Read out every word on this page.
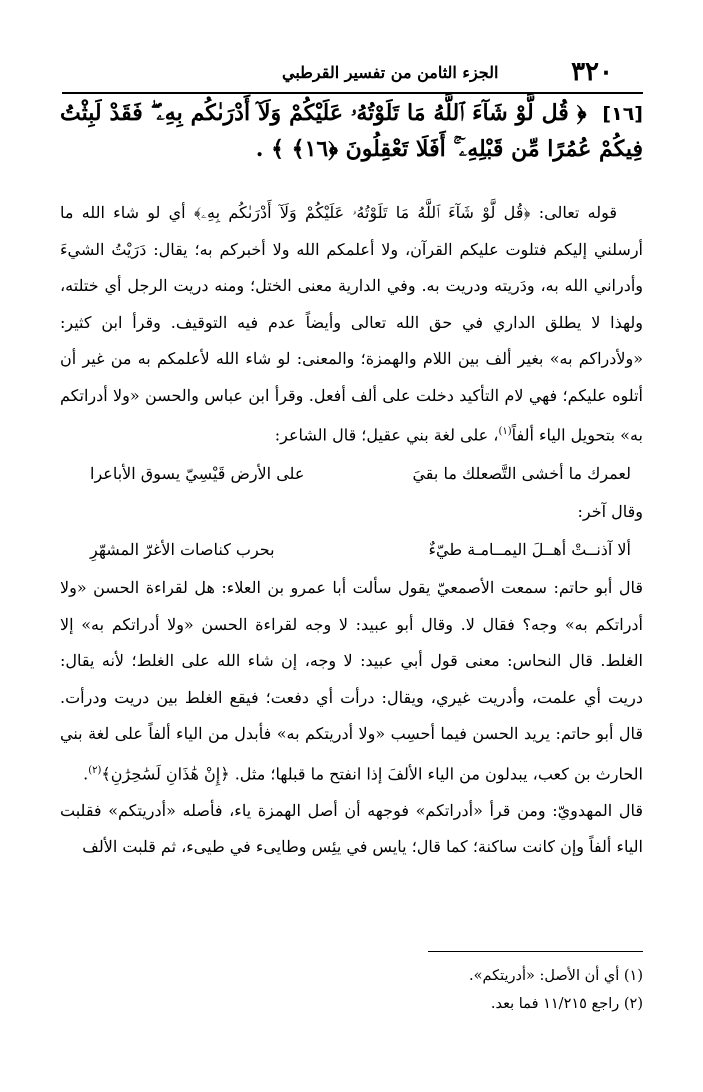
٣٢٠
الجزء الثامن من تفسير القرطبي
[١٦] ﴿ قُل لَّوْ شَآءَ ٱللَّهُ مَا تَلَوْتُهُۥ عَلَيْكُمْ وَلَآ أَدْرَىٰكُم بِهِۦ ۖ فَقَدْ لَبِثْتُ فِيكُمْ عُمُرًا مِّن قَبْلِهِۦٓ ۚ أَفَلَا تَعْقِلُونَ ﴿١٦﴾ ﴾ .

قوله تعالى: ﴿قُل لَّوْ شَآءَ ٱللَّهُ مَا تَلَوْتُهُۥ عَلَيْكُمْ وَلَآ أَدْرَىٰكُم بِهِۦ﴾ أي لو شاء الله ما أرسلني إليكم فتلوت عليكم القرآن، ولا أعلمكم الله ولا أخبركم به؛ يقال: دَرَيْتُ الشيءَ وأدراني الله به، ودَريته ودريت به. وفي الدارية معنى الختل؛ ومنه دريت الرجل أي ختلته، ولهذا لا يطلق الداري في حق الله تعالى وأيضاً عدم فيه التوقيف. وقرأ ابن كثير: «ولأدراكم به» بغير ألف بين اللام والهمزة؛ والمعنى: لو شاء الله لأعلمكم به من غير أن أتلوه عليكم؛ فهي لام التأكيد دخلت على ألف أفعل. وقرأ ابن عباس والحسن «ولا أدراتكم به» بتحويل الياء ألفاً$^{(١)}$، على لغة بني عقيل؛ قال الشاعر:

لعمرك ما أخشى التَّصعلك ما بقيَ
على الأرض قَيْسِيّ يسوق الأباعرا

وقال آخر:

ألا آذنــتْ أهــلَ اليمــامـة طيّءٌ
بحرب كناصات الأغرّ المشهّرِ

قال أبو حاتم: سمعت الأصمعيّ يقول سألت أبا عمرو بن العلاء: هل لقراءة الحسن «ولا أدراتكم به» وجه؟ فقال لا. وقال أبو عبيد: لا وجه لقراءة الحسن «ولا أدراتكم به» إلا الغلط. قال النحاس: معنى قول أبي عبيد: لا وجه، إن شاء الله على الغلط؛ لأنه يقال: دريت أي علمت، وأدريت غيري، ويقال: درأت أي دفعت؛ فيقع الغلط بين دريت ودرأت. قال أبو حاتم: يريد الحسن فيما أحسِب «ولا أدريتكم به» فأبدل من الياء ألفاً على لغة بني الحارث بن كعب، يبدلون من الياء الألفَ إذا انفتح ما قبلها؛ مثل. ﴿إِنْ هَٰذَانِ لَسَٰحِرَٰنِ﴾$^{(٢)}$.

قال المهدويّ: ومن قرأ «أدراتكم» فوجهه أن أصل الهمزة ياء، فأصله «أدريتكم» فقلبت الياء ألفاً وإن كانت ساكنة؛ كما قال؛ يايس في يئِس وطايىء في طيىء، ثم قلبت الألف

(١) أي أن الأصل: «أدريتكم».
(٢) راجع ١١/٢١٥ فما بعد.
